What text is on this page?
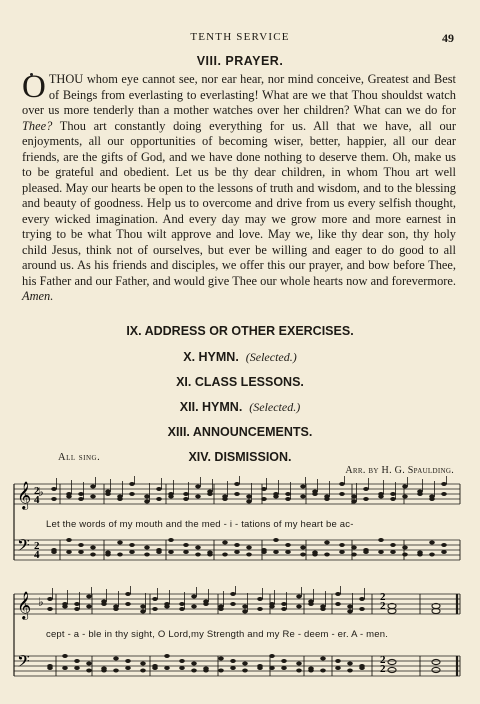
TENTH SERVICE	49
VIII. PRAYER.
OTHOU whom eye cannot see, nor ear hear, nor mind conceive, Greatest and Best of Beings from everlasting to everlasting! What are we that Thou shouldst watch over us more tenderly than a mother watches over her children? What can we do for Thee? Thou art constantly doing everything for us. All that we have, all our enjoyments, all our opportunities of becoming wiser, better, happier, all our dear friends, are the gifts of God, and we have done nothing to deserve them. Oh, make us to be grateful and obedient. Let us be thy dear children, in whom Thou art well pleased. May our hearts be open to the lessons of truth and wisdom, and to the blessing and beauty of goodness. Help us to overcome and drive from us every selfish thought, every wicked imagination. And every day may we grow more and more earnest in trying to be what Thou wilt approve and love. May we, like thy dear son, thy holy child Jesus, think not of ourselves, but ever be willing and eager to do good to all around us. As his friends and disciples, we offer this our prayer, and bow before Thee, his Father and our Father, and would give Thee our whole hearts now and forevermore. Amen.
IX. ADDRESS OR OTHER EXERCISES.
X. HYMN. (Selected.)
XI. CLASS LESSONS.
XII. HYMN. (Selected.)
XIII. ANNOUNCEMENTS.
XIV. DISMISSION.
All sing.
Arr. by H. G. Spaulding.
𝄞
𝄢
♭
𝄞
𝄢
♭
2
4
2
4
2
2
2
2
Let the words of my mouth and the med - i - tations of my heart be ac-
cept - a - ble in thy sight, O Lord,my Strength and my Re - deem - er. A - men.
